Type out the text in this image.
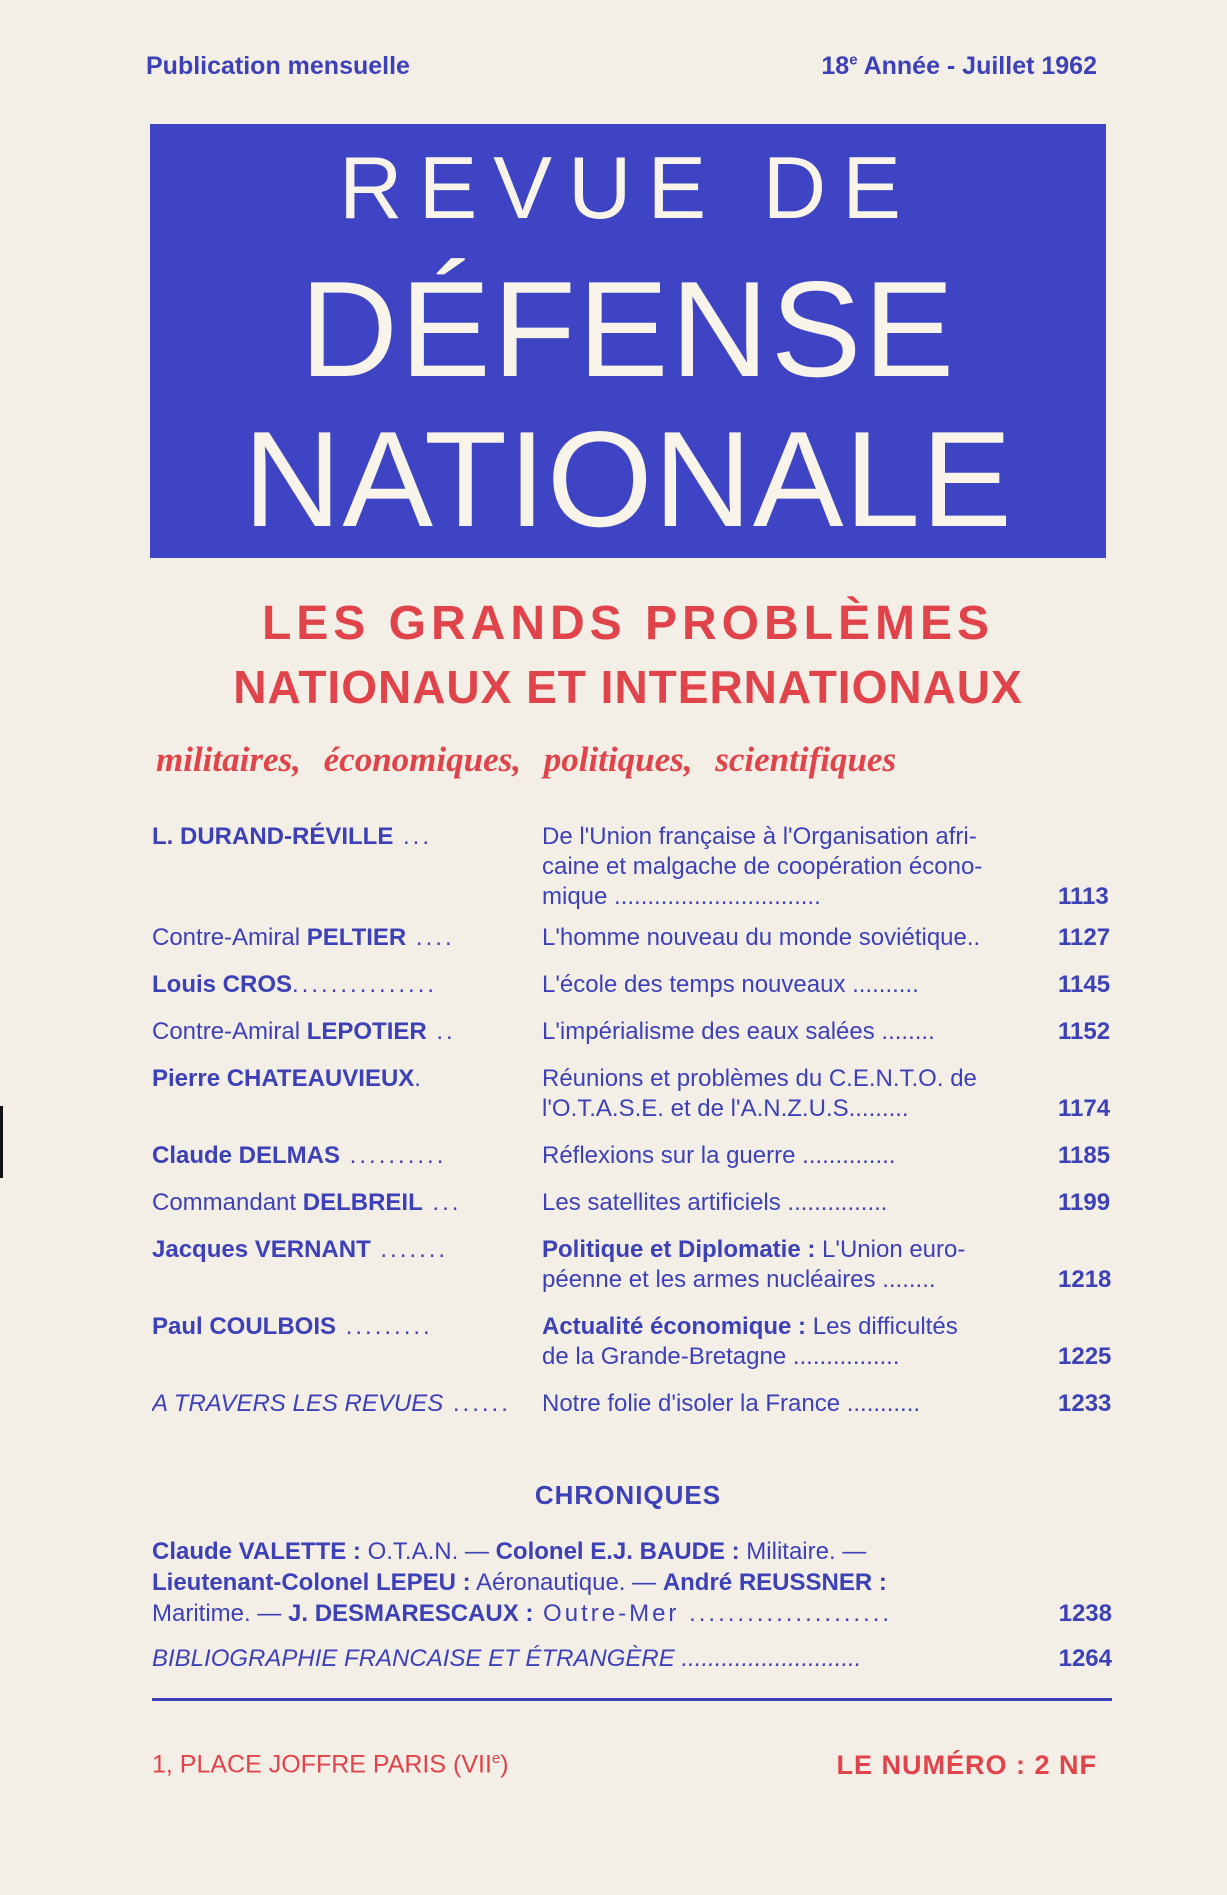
Publication mensuelle	18e Année - Juillet 1962
REVUE DE
DÉFENSE
NATIONALE
LES GRANDS PROBLÈMES
NATIONAUX ET INTERNATIONAUX
militaires, économiques, politiques, scientifiques
L. DURAND-RÉVILLE ...	De l'Union française à l'Organisation afri-
caine et malgache de coopération écono-
mique ...............................	1113
Contre-Amiral PELTIER ....	L'homme nouveau du monde soviétique..	1127
Louis CROS...............	L'école des temps nouveaux ..........	1145
Contre-Amiral LEPOTIER ..	L'impérialisme des eaux salées ........	1152
Pierre CHATEAUVIEUX.	Réunions et problèmes du C.E.N.T.O. de
l'O.T.A.S.E. et de l'A.N.Z.U.S.........	1174
Claude DELMAS ..........	Réflexions sur la guerre ..............	1185
Commandant DELBREIL ...	Les satellites artificiels ...............	1199
Jacques VERNANT .......	Politique et Diplomatie : L'Union euro-
péenne et les armes nucléaires ........	1218
Paul COULBOIS .........	Actualité économique : Les difficultés
de la Grande-Bretagne ................	1225
A TRAVERS LES REVUES ......	Notre folie d'isoler la France ...........	1233
CHRONIQUES
Claude VALETTE : O.T.A.N. — Colonel E.J. BAUDE : Militaire. —
Lieutenant-Colonel LEPEU : Aéronautique. — André REUSSNER :
Maritime. — J. DESMARESCAUX : Outre-Mer .....................	1238
BIBLIOGRAPHIE FRANCAISE ET ÉTRANGÈRE ...........................	1264
1, PLACE JOFFRE PARIS (VIIe)	LE NUMÉRO : 2 NF
